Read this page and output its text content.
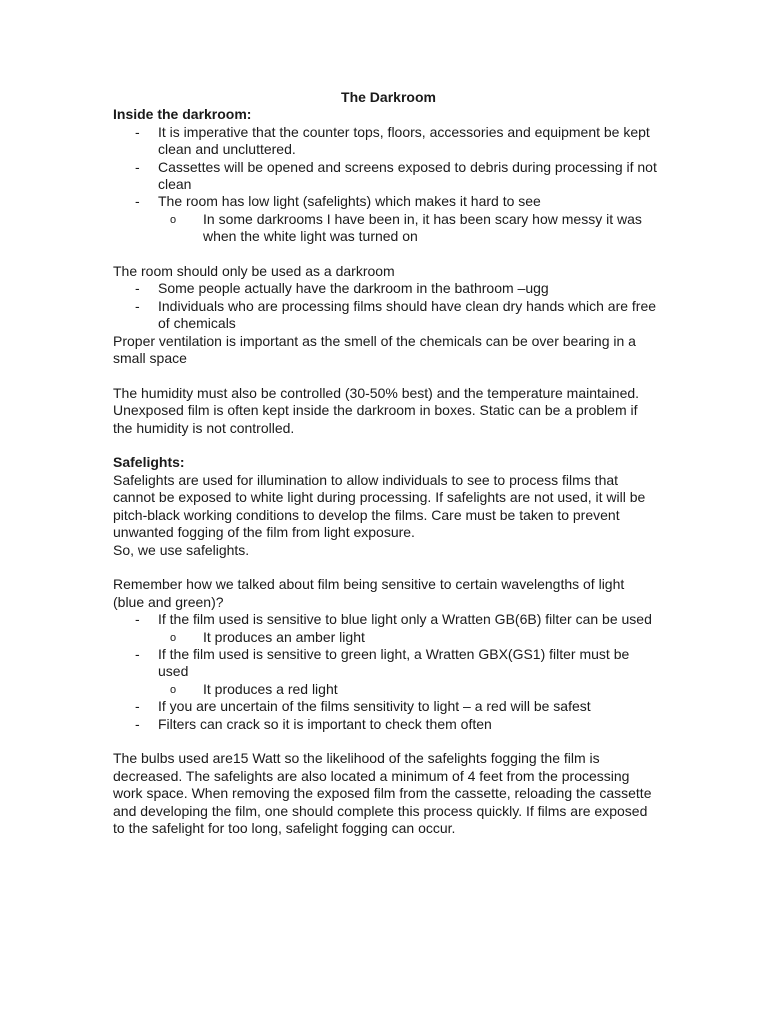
The Darkroom

Inside the darkroom:

- It is imperative that the counter tops, floors, accessories and equipment be kept clean and uncluttered.
- Cassettes will be opened and screens exposed to debris during processing if not clean
- The room has low light (safelights) which makes it hard to see
o In some darkrooms I have been in, it has been scary how messy it was when the white light was turned on

The room should only be used as a darkroom

- Some people actually have the darkroom in the bathroom –ugg
- Individuals who are processing films should have clean dry hands which are free of chemicals

Proper ventilation is important as the smell of the chemicals can be over bearing in a small space

The humidity must also be controlled (30-50% best) and the temperature maintained. Unexposed film is often kept inside the darkroom in boxes. Static can be a problem if the humidity is not controlled.

Safelights:

Safelights are used for illumination to allow individuals to see to process films that cannot be exposed to white light during processing. If safelights are not used, it will be pitch-black working conditions to develop the films. Care must be taken to prevent unwanted fogging of the film from light exposure.

So, we use safelights.

Remember how we talked about film being sensitive to certain wavelengths of light (blue and green)?

- If the film used is sensitive to blue light only a Wratten GB(6B) filter can be used
o It produces an amber light
- If the film used is sensitive to green light, a Wratten GBX(GS1) filter must be used
o It produces a red light
- If you are uncertain of the films sensitivity to light – a red will be safest
- Filters can crack so it is important to check them often

The bulbs used are15 Watt so the likelihood of the safelights fogging the film is decreased. The safelights are also located a minimum of 4 feet from the processing work space. When removing the exposed film from the cassette, reloading the cassette and developing the film, one should complete this process quickly. If films are exposed to the safelight for too long, safelight fogging can occur.
